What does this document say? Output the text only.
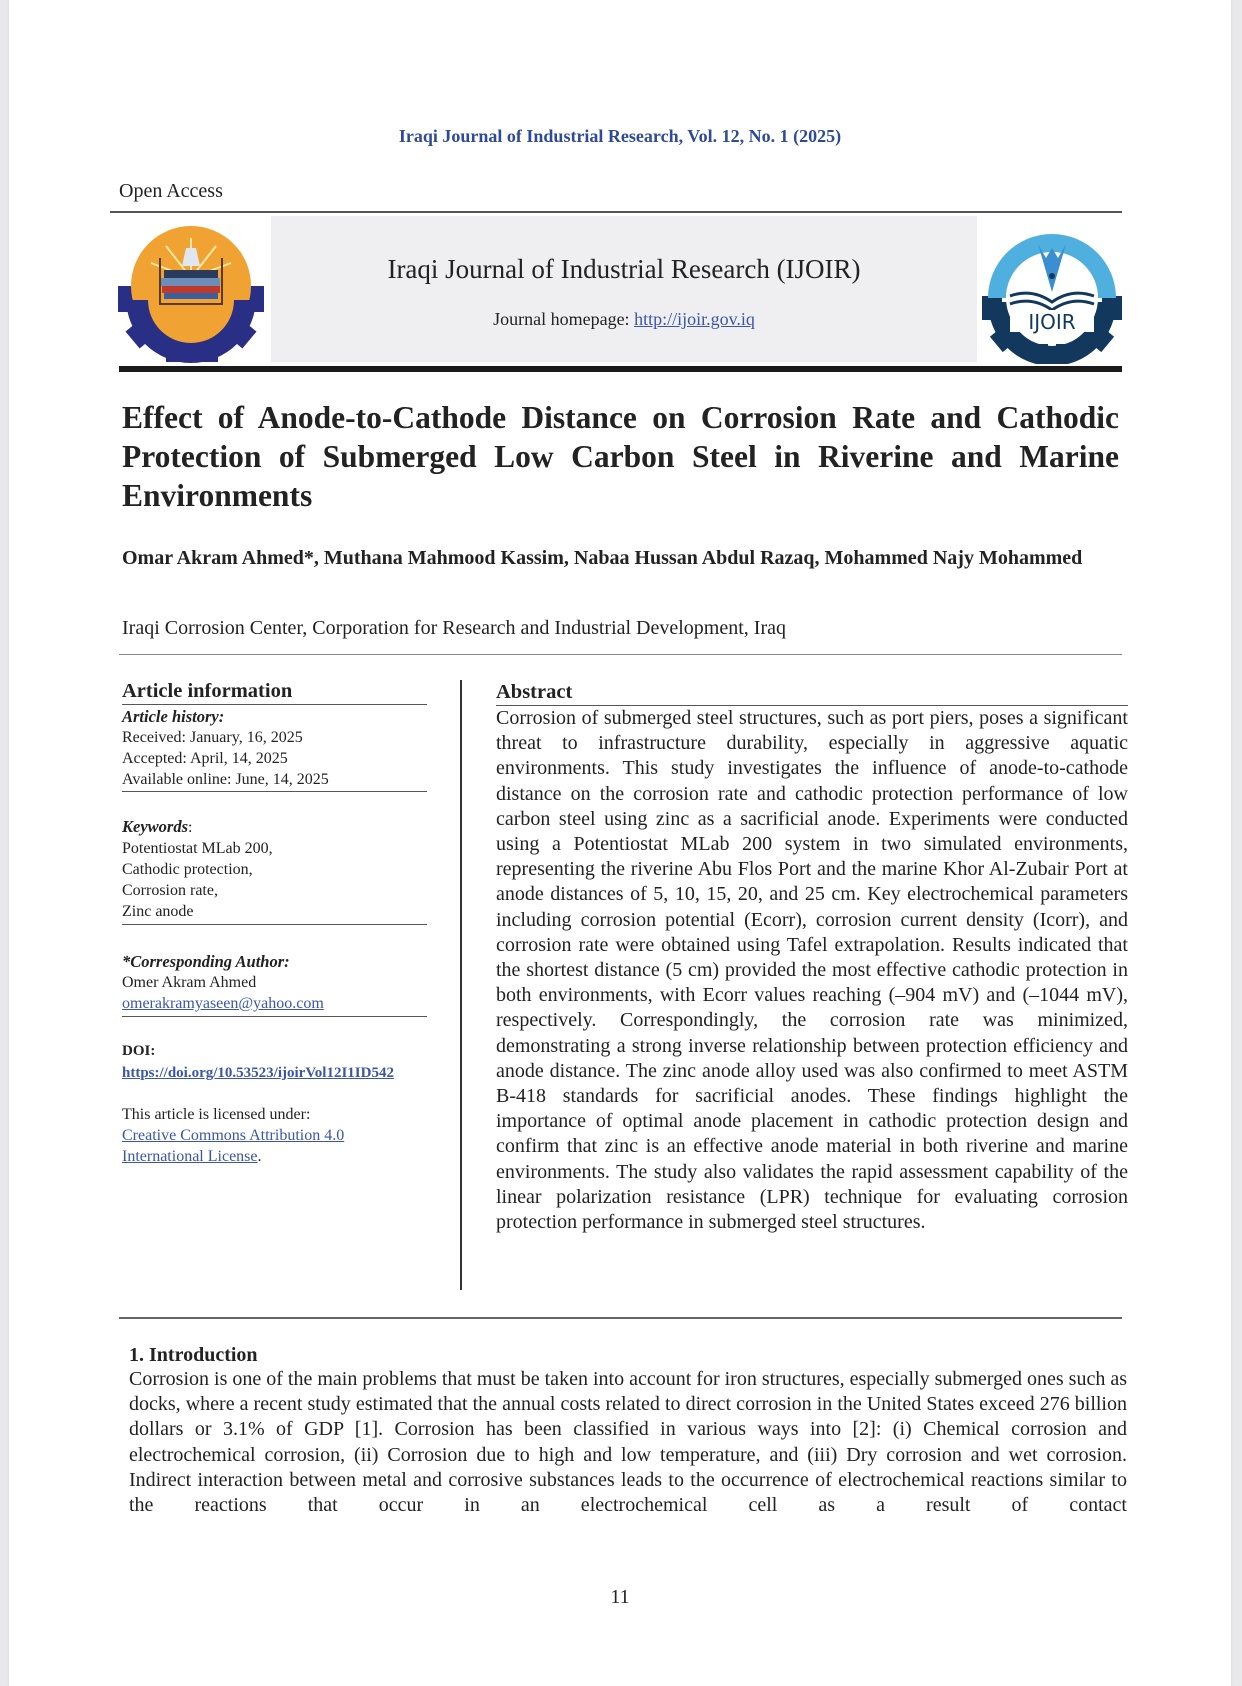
Iraqi Journal of Industrial Research, Vol. 12, No. 1 (2025)
Open Access
Iraqi Journal of Industrial Research (IJOIR)
Journal homepage: http://ijoir.gov.iq	IJOIR
Effect of Anode-to-Cathode Distance on Corrosion Rate and Cathodic Protection of Submerged Low Carbon Steel in Riverine and Marine Environments
Omar Akram Ahmed*, Muthana Mahmood Kassim, Nabaa Hussan Abdul Razaq, Mohammed Najy Mohammed
Iraqi Corrosion Center, Corporation for Research and Industrial Development, Iraq
Article information
Article history:
Received: January, 16, 2025
Accepted: April, 14, 2025
Available online: June, 14, 2025
Keywords:
Potentiostat MLab 200,
Cathodic protection,
Corrosion rate,
Zinc anode
*Corresponding Author:
Omer Akram Ahmed
omerakramyaseen@yahoo.com
DOI:
https://doi.org/10.53523/ijoirVol12I1ID542
This article is licensed under:
Creative Commons Attribution 4.0
International License.
Abstract
Corrosion of submerged steel structures, such as port piers, poses a significant threat to infrastructure durability, especially in aggressive aquatic environments. This study investigates the influence of anode-to-cathode distance on the corrosion rate and cathodic protection performance of low carbon steel using zinc as a sacrificial anode. Experiments were conducted using a Potentiostat MLab 200 system in two simulated environments, representing the riverine Abu Flos Port and the marine Khor Al-Zubair Port at anode distances of 5, 10, 15, 20, and 25 cm. Key electrochemical parameters including corrosion potential (Ecorr), corrosion current density (Icorr), and corrosion rate were obtained using Tafel extrapolation. Results indicated that the shortest distance (5 cm) provided the most effective cathodic protection in both environments, with Ecorr values reaching (–904 mV) and (–1044 mV), respectively. Correspondingly, the corrosion rate was minimized, demonstrating a strong inverse relationship between protection efficiency and anode distance. The zinc anode alloy used was also confirmed to meet ASTM B-418 standards for sacrificial anodes. These findings highlight the importance of optimal anode placement in cathodic protection design and confirm that zinc is an effective anode material in both riverine and marine environments. The study also validates the rapid assessment capability of the linear polarization resistance (LPR) technique for evaluating corrosion protection performance in submerged steel structures.
1. Introduction
Corrosion is one of the main problems that must be taken into account for iron structures, especially submerged ones such as docks, where a recent study estimated that the annual costs related to direct corrosion in the United States exceed 276 billion dollars or 3.1% of GDP [1]. Corrosion has been classified in various ways into [2]: (i) Chemical corrosion and electrochemical corrosion, (ii) Corrosion due to high and low temperature, and (iii) Dry corrosion and wet corrosion. Indirect interaction between metal and corrosive substances leads to the occurrence of electrochemical reactions similar to the reactions that occur in an electrochemical cell as a result of contact
11
